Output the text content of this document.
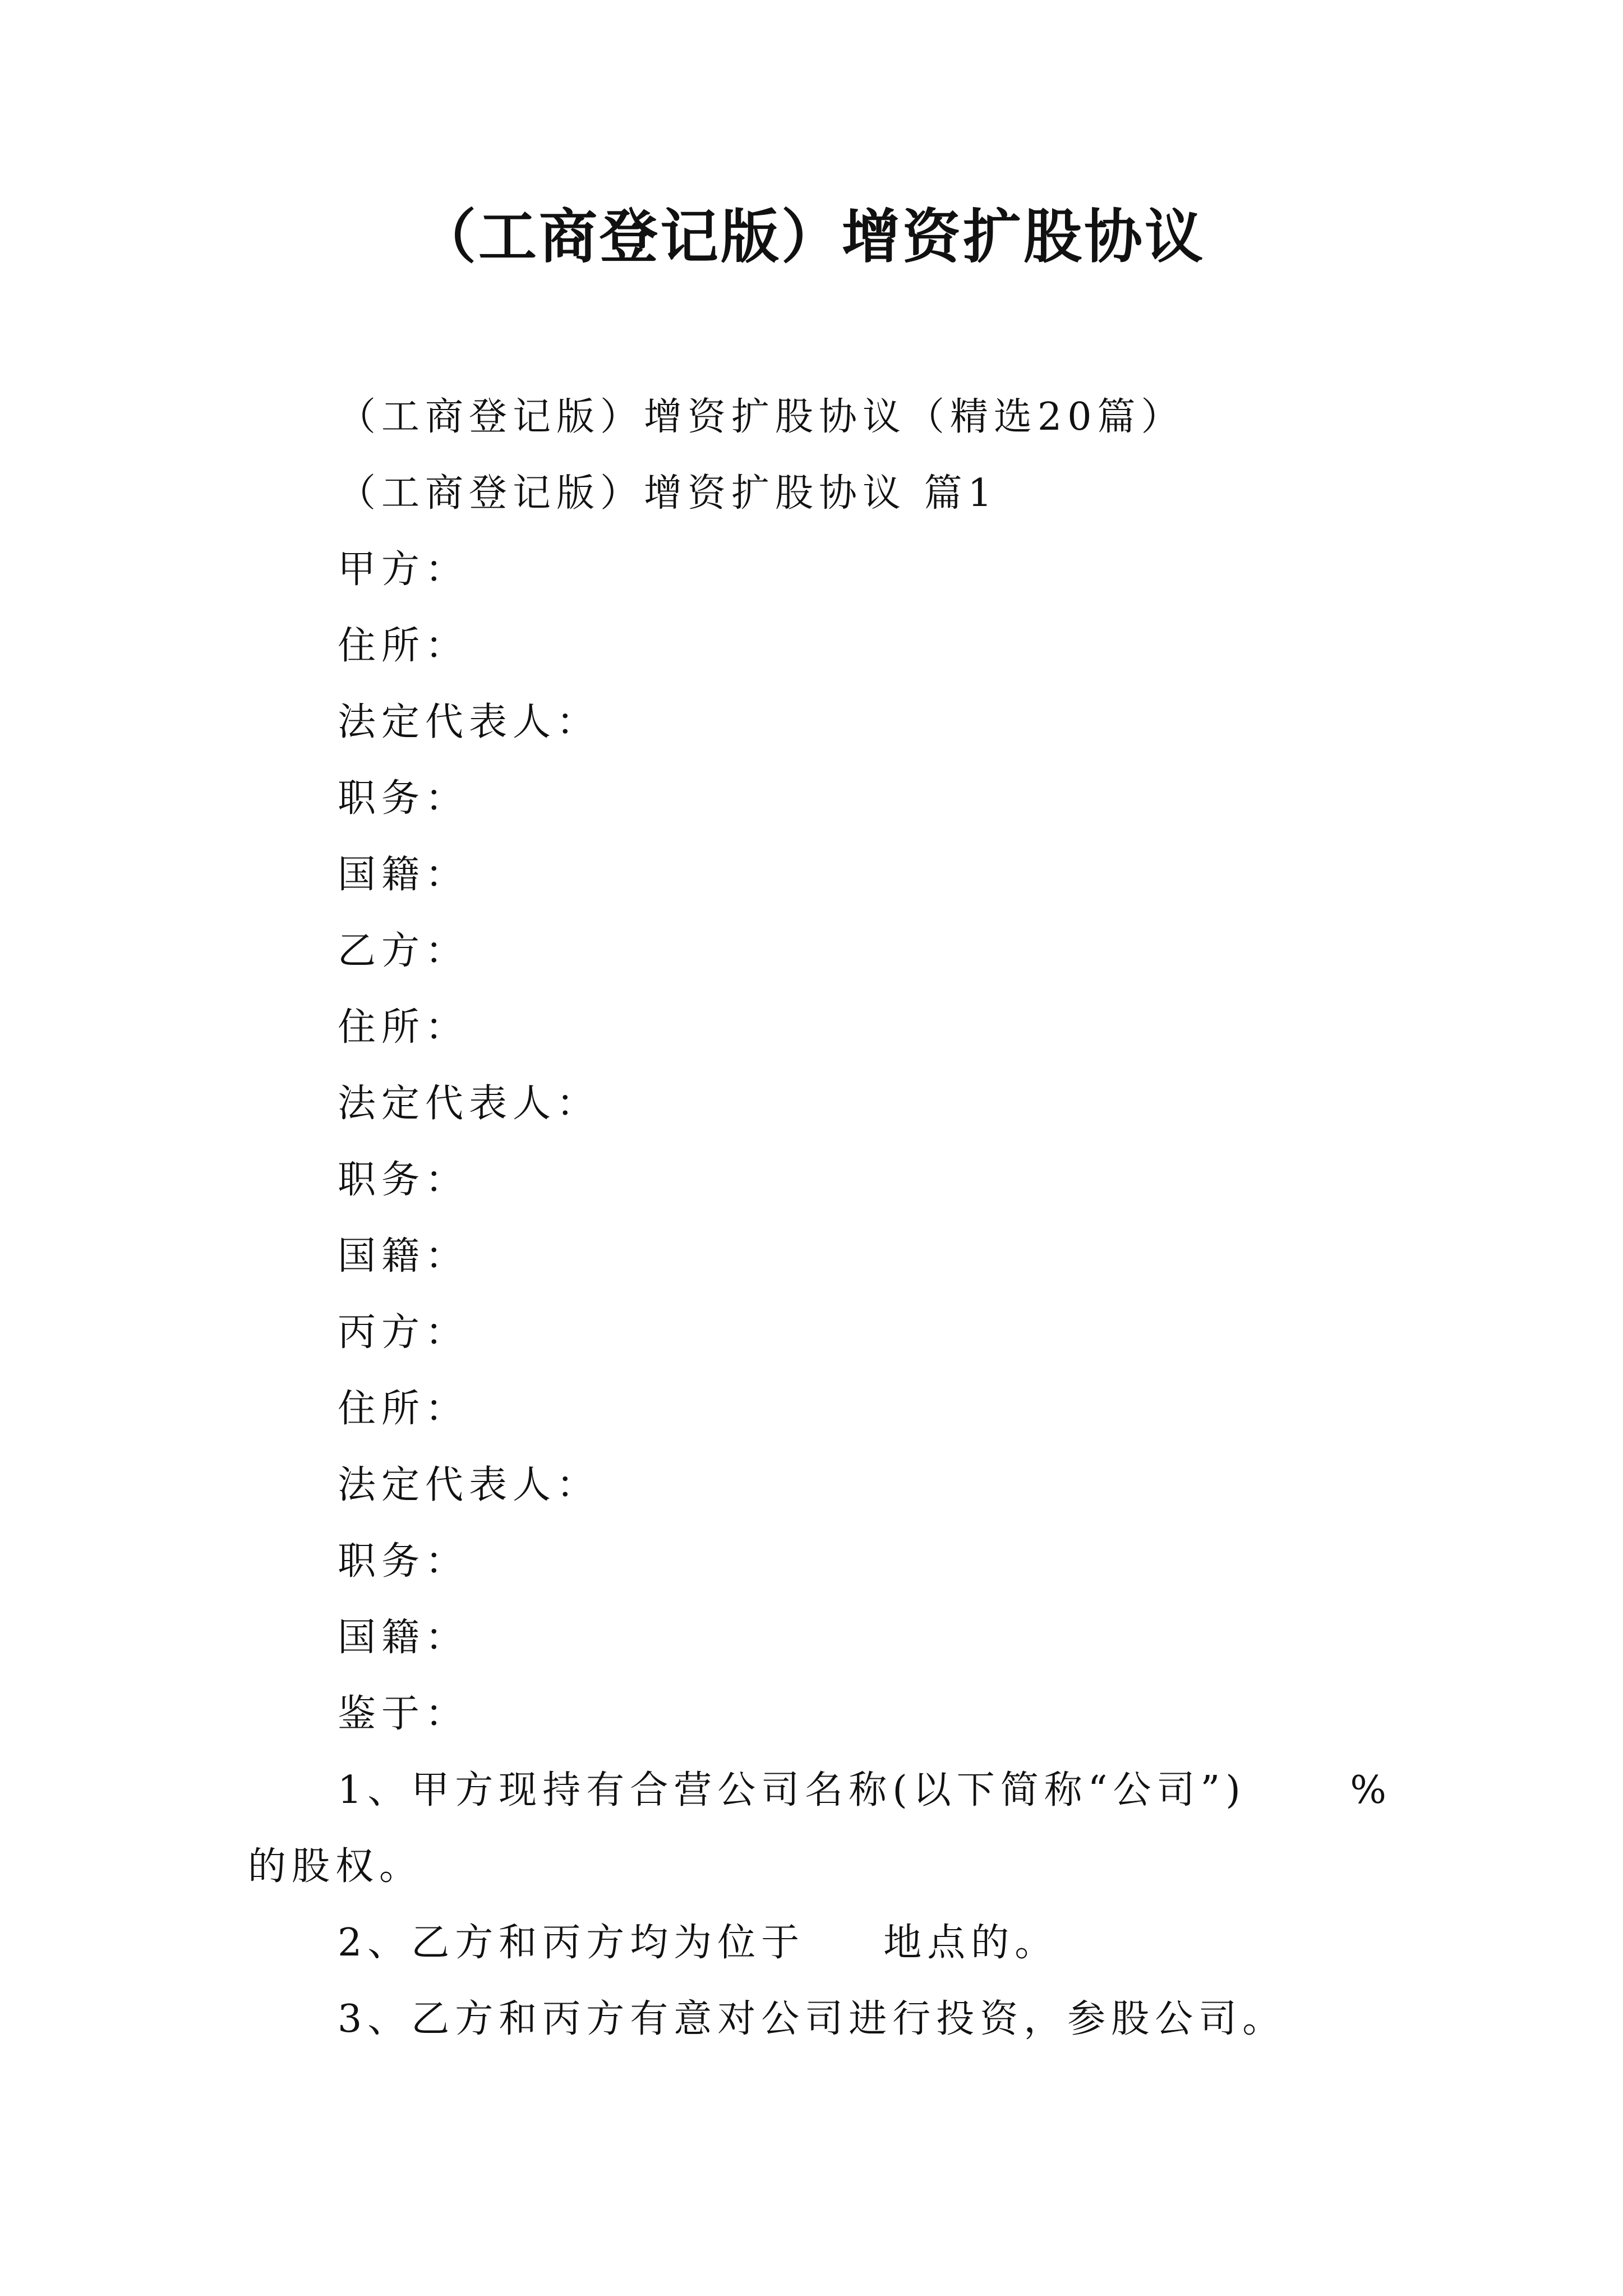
（工商登记版）增资扩股协议
（工商登记版）增资扩股协议（精选20篇）
（工商登记版）增资扩股协议 篇1
甲方：
住所：
法定代表人：
职务：
国籍：
乙方：
住所：
法定代表人：
职务：
国籍：
丙方：
住所：
法定代表人：
职务：
国籍：
鉴于：
1、甲方现持有合营公司名称(以下简称“公司”)	%
的股权。
2、乙方和丙方均为位于 地点的。
3、乙方和丙方有意对公司进行投资，参股公司。
